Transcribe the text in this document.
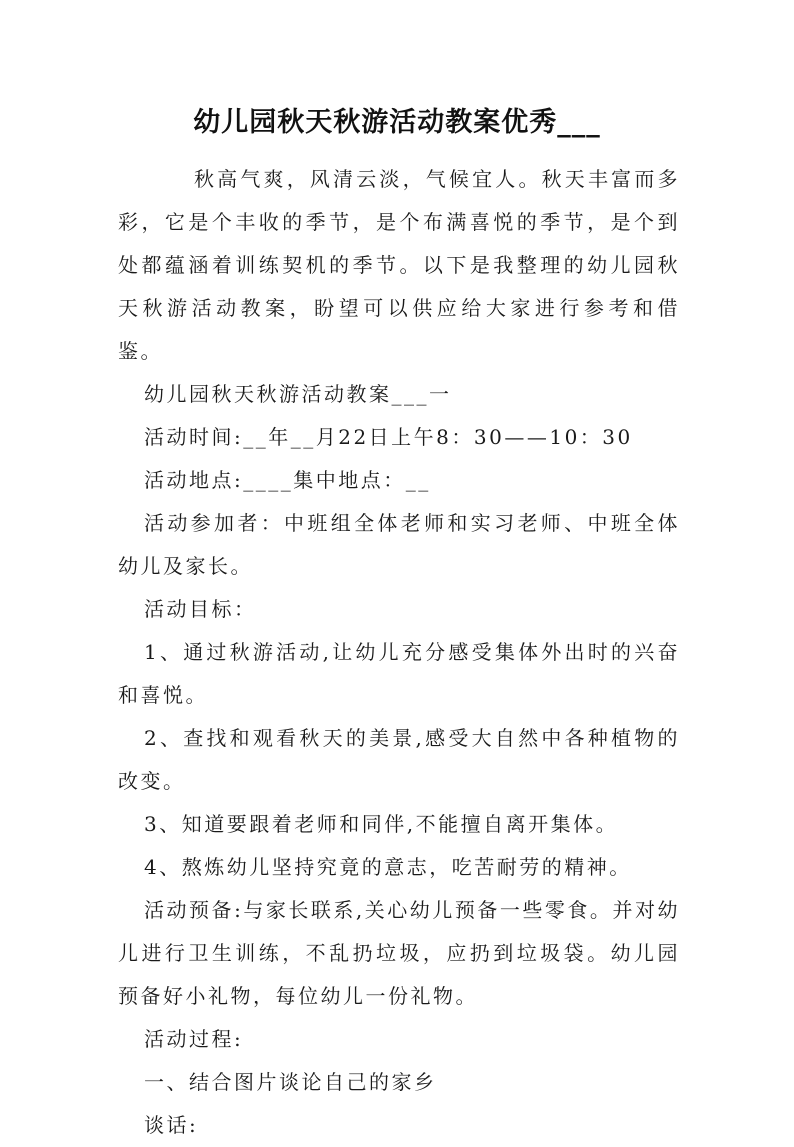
幼儿园秋天秋游活动教案优秀___

秋高气爽，风清云淡，气候宜人。秋天丰富而多彩，它是个丰收的季节，是个布满喜悦的季节，是个到处都蕴涵着训练契机的季节。以下是我整理的幼儿园秋天秋游活动教案，盼望可以供应给大家进行参考和借鉴。

幼儿园秋天秋游活动教案___一

活动时间:__年__月22日上午8：30——10：30

活动地点:____集中地点：__

活动参加者：中班组全体老师和实习老师、中班全体幼儿及家长。

活动目标：

1、通过秋游活动,让幼儿充分感受集体外出时的兴奋和喜悦。

2、查找和观看秋天的美景,感受大自然中各种植物的改变。

3、知道要跟着老师和同伴,不能擅自离开集体。

4、熬炼幼儿坚持究竟的意志，吃苦耐劳的精神。

活动预备:与家长联系,关心幼儿预备一些零食。并对幼儿进行卫生训练，不乱扔垃圾，应扔到垃圾袋。幼儿园预备好小礼物，每位幼儿一份礼物。

活动过程:

一、结合图片谈论自己的家乡

谈话:
